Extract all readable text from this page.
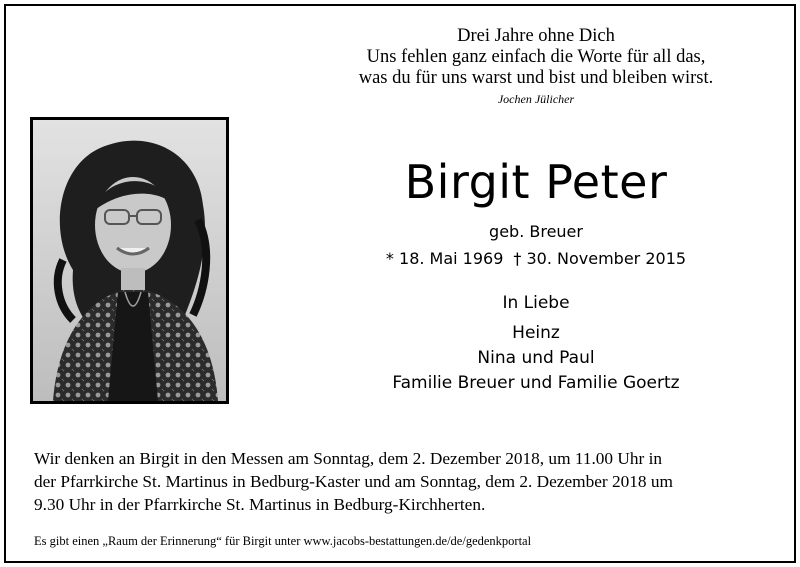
Drei Jahre ohne Dich
Uns fehlen ganz einfach die Worte für all das,
was du für uns warst und bist und bleiben wirst.
Jochen Jülicher
Birgit Peter
geb. Breuer
* 18. Mai 1969 † 30. November 2015
In Liebe
Heinz
Nina und Paul
Familie Breuer und Familie Goertz
Wir denken an Birgit in den Messen am Sonntag, dem 2. Dezember 2018, um 11.00 Uhr in
der Pfarrkirche St. Martinus in Bedburg-Kaster und am Sonntag, dem 2. Dezember 2018 um
9.30 Uhr in der Pfarrkirche St. Martinus in Bedburg-Kirchherten.
Es gibt einen „Raum der Erinnerung“ für Birgit unter www.jacobs-bestattungen.de/de/gedenkportal
